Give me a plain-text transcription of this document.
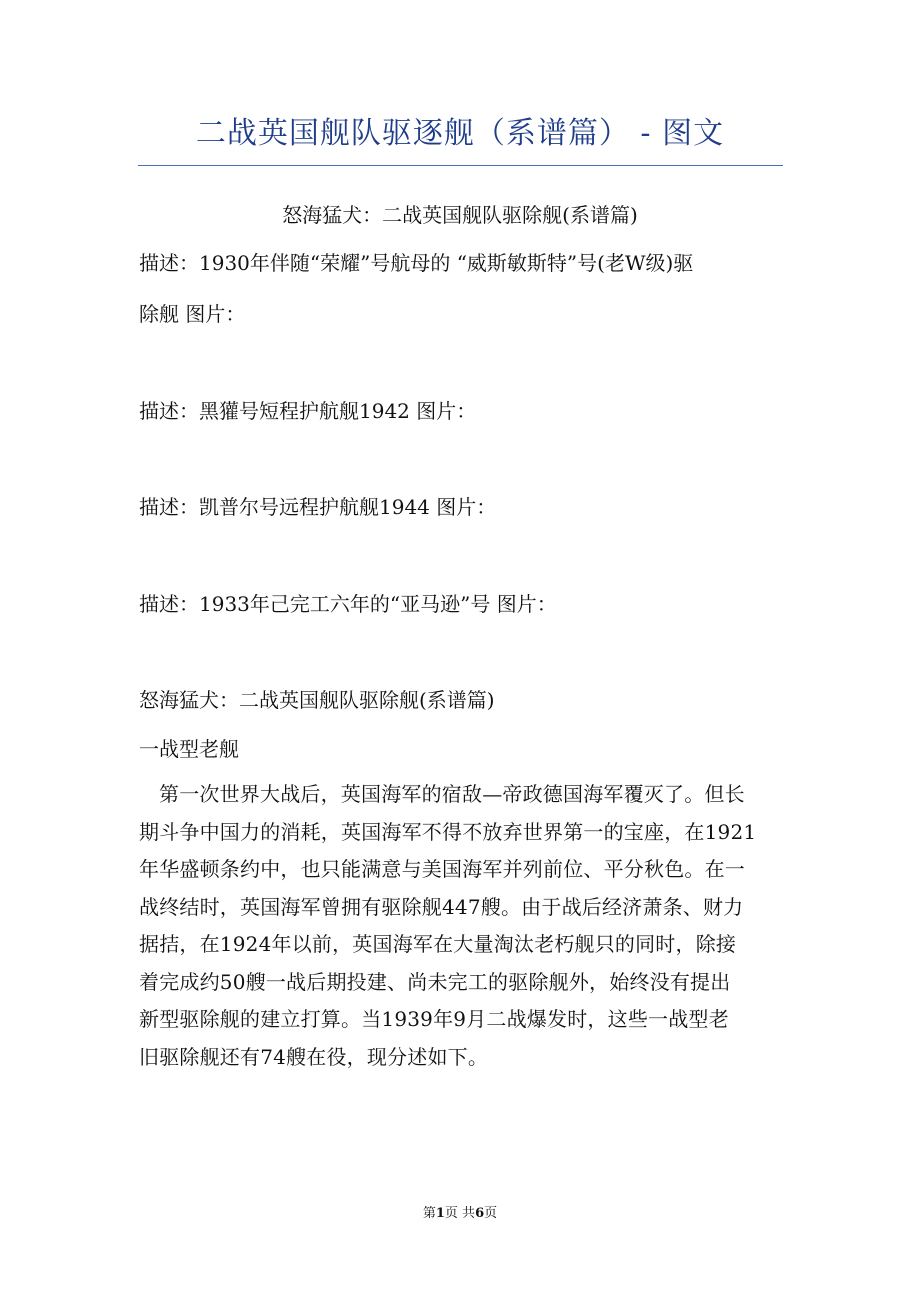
二战英国舰队驱逐舰（系谱篇） - 图文
怒海猛犬：二战英国舰队驱除舰(系谱篇)
描述：1930年伴随“荣耀”号航母的 “威斯敏斯特”号(老W级)驱
除舰 图片：
描述：黑獾号短程护航舰1942 图片：
描述：凯普尔号远程护航舰1944 图片：
描述：1933年己完工六年的“亚马逊”号 图片：
怒海猛犬：二战英国舰队驱除舰(系谱篇)
一战型老舰
第一次世界大战后，英国海军的宿敌—帝政德国海军覆灭了。但长
期斗争中国力的消耗，英国海军不得不放弃世界第一的宝座，在1921
年华盛顿条约中，也只能满意与美国海军并列前位、平分秋色。在一
战终结时，英国海军曾拥有驱除舰447艘。由于战后经济萧条、财力
据拮，在1924年以前，英国海军在大量淘汰老朽舰只的同时，除接
着完成约50艘一战后期投建、尚未完工的驱除舰外，始终没有提出
新型驱除舰的建立打算。当1939年9月二战爆发时，这些一战型老
旧驱除舰还有74艘在役，现分述如下。
第1页 共6页
